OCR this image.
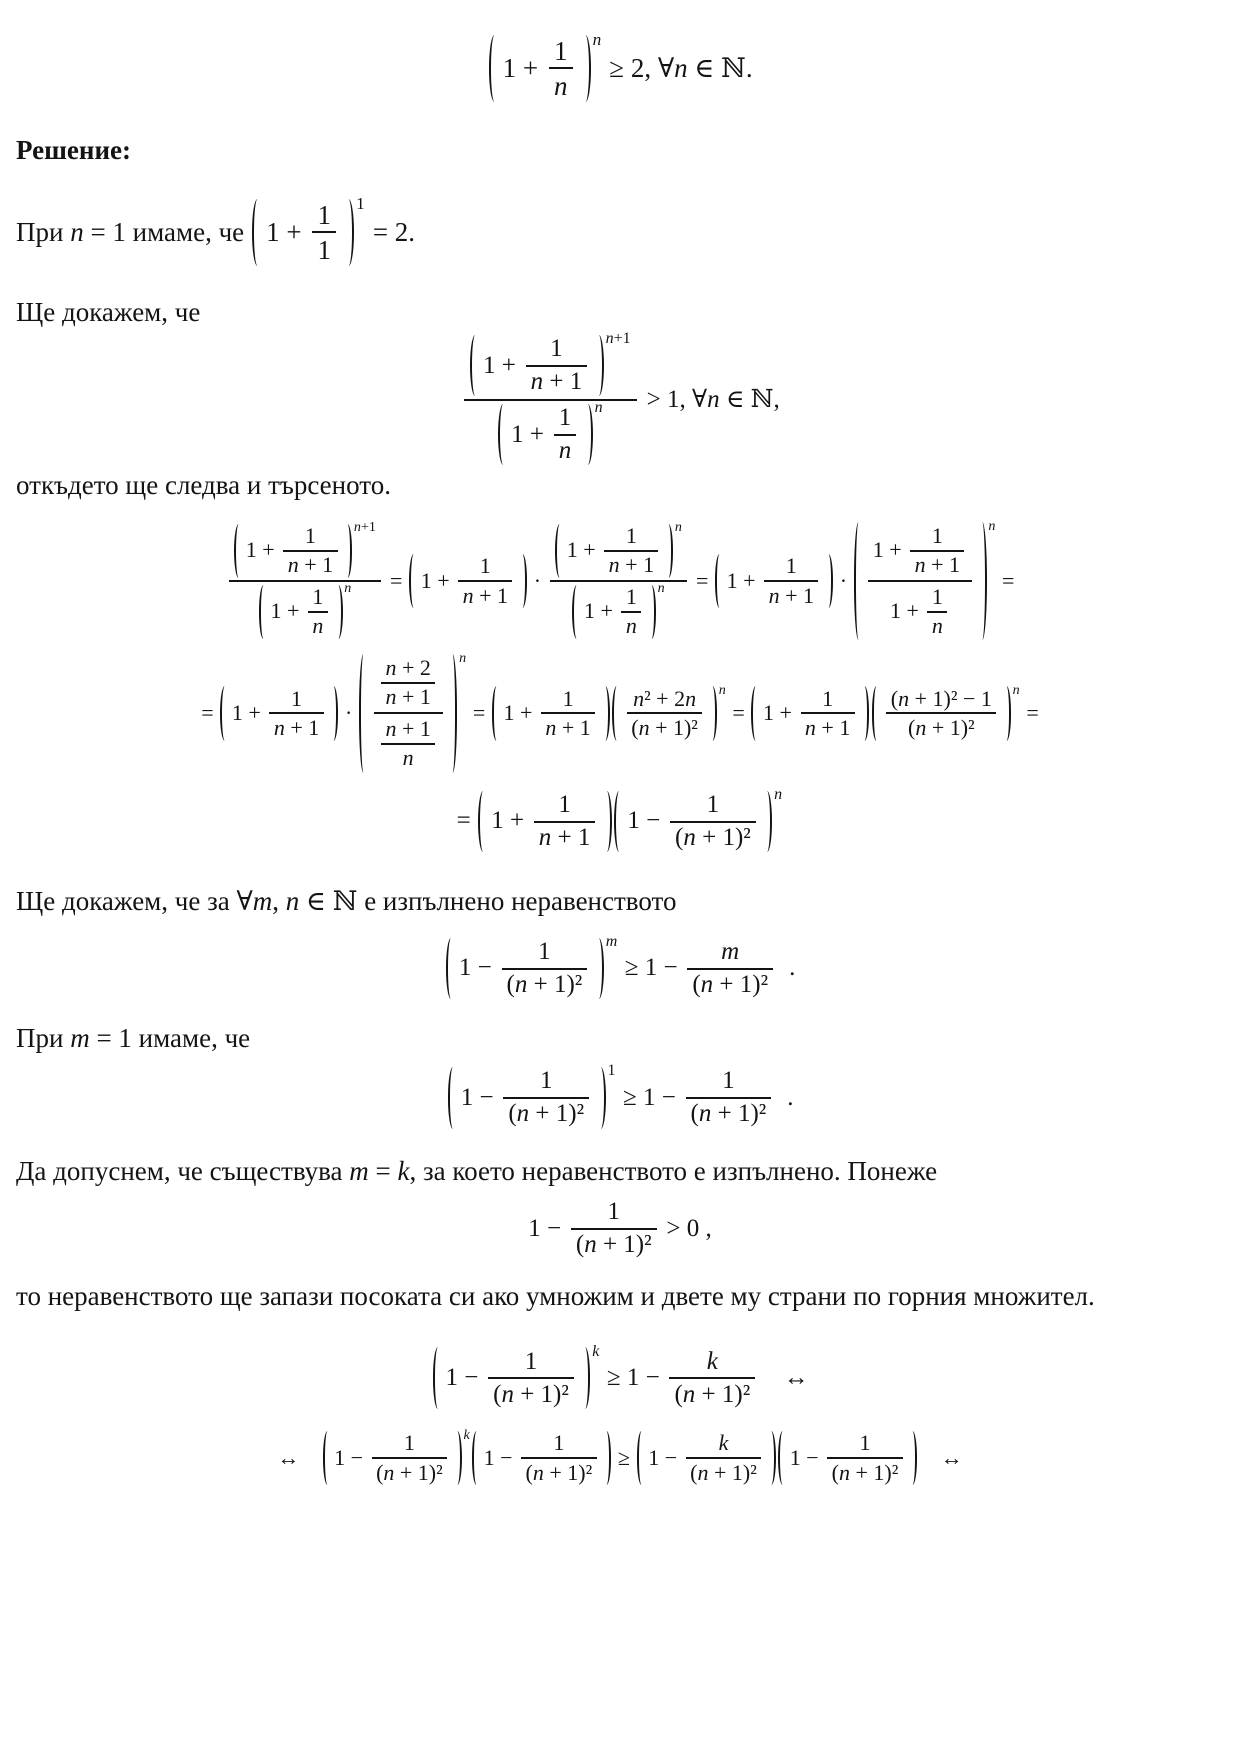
$1 + \frac{1}{n}$ n
≥ 2, ∀ n ∈ ℕ.
Решение:
При n = 1 имаме, че $1 + \frac{1}{1} 1$
= 2.
Ще докажем, че
$\frac{1 + \frac{1}{n + 1} n+1}{1 + \frac{1}{n} n} > 1$, ∀ n ∈ ℕ,
откъдето ще следва и търсеното.
$\frac{1 + \frac{1}{n + 1} n+1}{1 + \frac{1}{n} n} = 1 + \frac{1}{n + 1} \cdot \frac{1 + \frac{1}{n + 1} n}{1 + \frac{1}{n} n} = 1 + \frac{1}{n + 1} \cdot \frac{1 + \frac{1}{n + 1}}{1 + \frac{1}{n}}$ n
=
= $1 + \frac{1}{n + 1} \cdot \frac{\frac{n + 2}{n + 1}}{\frac{n + 1}{n}}$ n
= $1 + \frac{1}{n + 1} \frac{\text{n ² + 2 n}}{\text{( n + 1)²}}$ n
= $1 + \frac{1}{n + 1} \frac{\text{( n + 1)² − 1}}{\text{( n + 1)²}}$ n
=
= $1 + \frac{1}{n + 1} 1 - \frac{1}{\text{( n + 1)²}}$ n
Ще докажем, че за ∀ m , n ∈ ℕ е изпълнено неравенството
$1 - \frac{1}{\text{( n + 1)²}}$ m
≥ $1 - \frac{m}{\text{( n + 1)²}}$ .
При m = 1 имаме, че
$1 - \frac{1}{\text{( n + 1)²}} 1$
≥ $1 - \frac{1}{\text{( n + 1)²}}$ .
Да допуснем, че съществува m = k , за което неравенството е изпълнено. Понеже
$1 - \frac{1}{\text{( n + 1)²}} > 0$ ,
то неравенството ще запази посоката си ако умножим и двете му страни по горния множител.
$1 - \frac{1}{\text{( n + 1)²}}$ k
≥ $1 - \frac{k}{\text{( n + 1)²}}$  ↔
↔  $1 - \frac{1}{\text{( n + 1)²}}$ k
$1 - \frac{1}{\text{( n + 1)²}} \ge 1 - \frac{k}{\text{( n + 1)²}} 1 - \frac{1}{\text{( n + 1)²}}$  ↔
